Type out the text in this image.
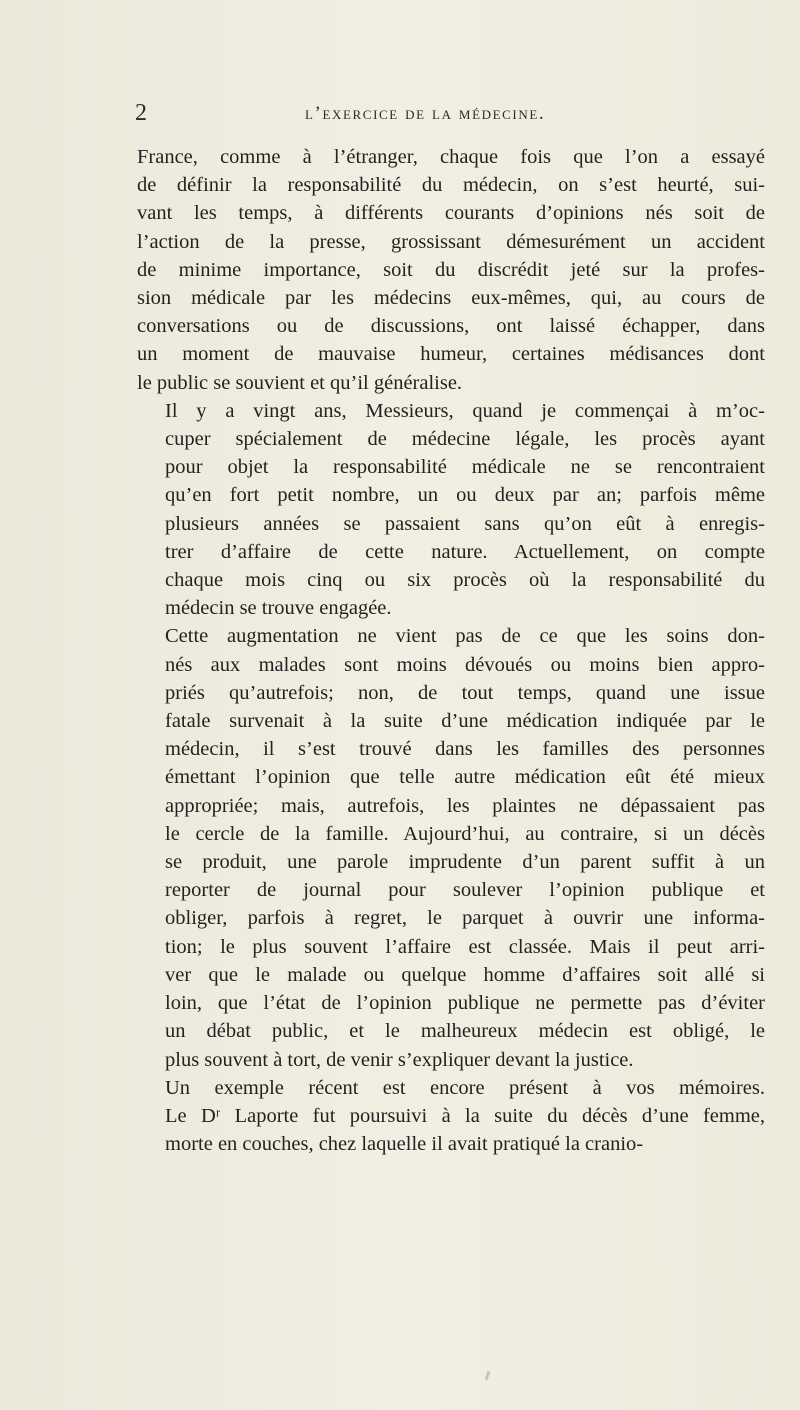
2	l’exercice de la médecine.

France, comme à l’étranger, chaque fois que l’on a essayé
de définir la responsabilité du médecin, on s’est heurté, sui-
vant les temps, à différents courants d’opinions nés soit de
l’action de la presse, grossissant démesurément un accident
de minime importance, soit du discrédit jeté sur la profes-
sion médicale par les médecins eux-mêmes, qui, au cours de
conversations ou de discussions, ont laissé échapper, dans
un moment de mauvaise humeur, certaines médisances dont
le public se souvient et qu’il généralise.

Il y a vingt ans, Messieurs, quand je commençai à m’oc-
cuper spécialement de médecine légale, les procès ayant
pour objet la responsabilité médicale ne se rencontraient
qu’en fort petit nombre, un ou deux par an; parfois même
plusieurs années se passaient sans qu’on eût à enregis-
trer d’affaire de cette nature. Actuellement, on compte
chaque mois cinq ou six procès où la responsabilité du
médecin se trouve engagée.

Cette augmentation ne vient pas de ce que les soins don-
nés aux malades sont moins dévoués ou moins bien appro-
priés qu’autrefois; non, de tout temps, quand une issue
fatale survenait à la suite d’une médication indiquée par le
médecin, il s’est trouvé dans les familles des personnes
émettant l’opinion que telle autre médication eût été mieux
appropriée; mais, autrefois, les plaintes ne dépassaient pas
le cercle de la famille. Aujourd’hui, au contraire, si un décès
se produit, une parole imprudente d’un parent suffit à un
reporter de journal pour soulever l’opinion publique et
obliger, parfois à regret, le parquet à ouvrir une informa-
tion; le plus souvent l’affaire est classée. Mais il peut arri-
ver que le malade ou quelque homme d’affaires soit allé si
loin, que l’état de l’opinion publique ne permette pas d’éviter
un débat public, et le malheureux médecin est obligé, le
plus souvent à tort, de venir s’expliquer devant la justice.

Un exemple récent est encore présent à vos mémoires.
Le Dʳ Laporte fut poursuivi à la suite du décès d’une femme,
morte en couches, chez laquelle il avait pratiqué la cranio-
